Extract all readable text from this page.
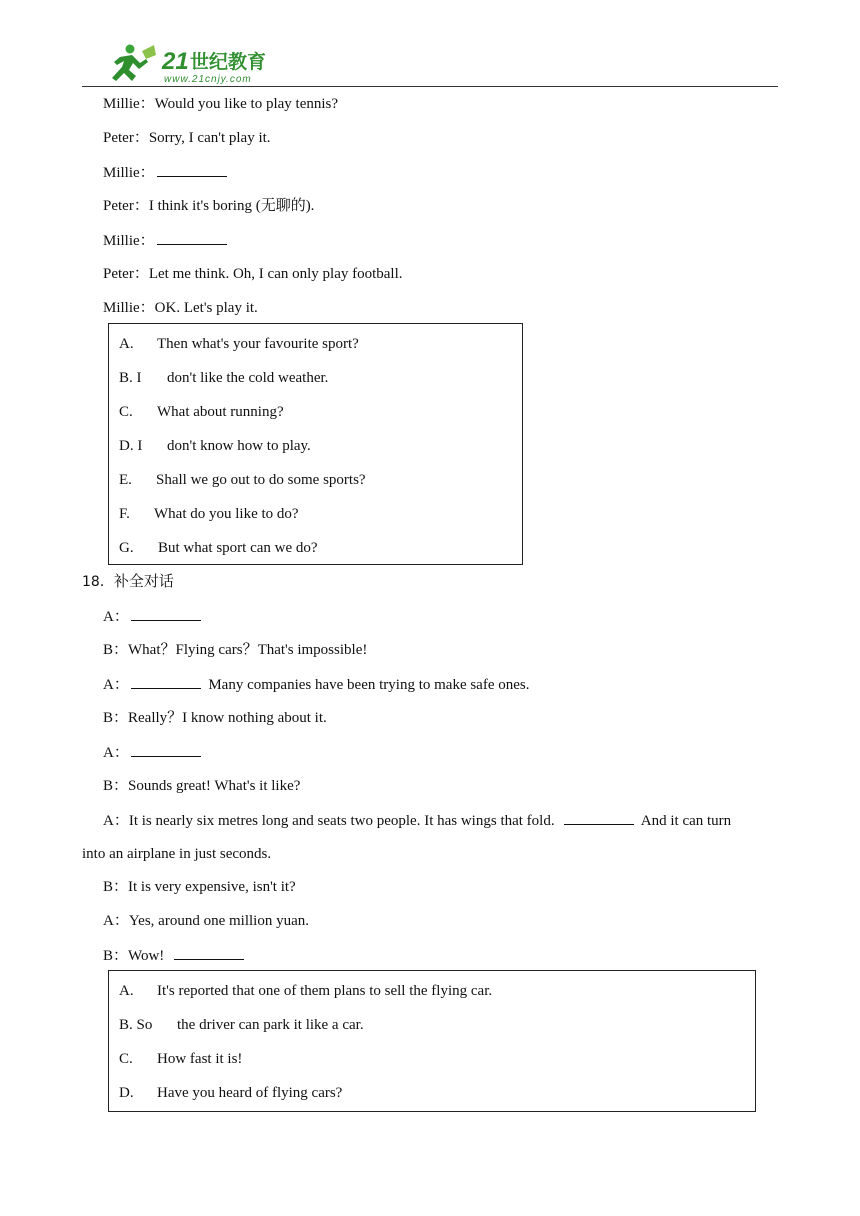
21 世纪教育
www.21cnjy.com
Millie：Would you like to play tennis?
Peter：Sorry, I can't play it.
Millie：
Peter：I think it's boring (无聊的).
Millie：
Peter：Let me think. Oh, I can only play football.
Millie：OK. Let's play it.
A. Then what's your favourite sport?
B. I don't like the cold weather.
C. What about running?
D. I don't know how to play.
E. Shall we go out to do some sports?
F. What do you like to do?
G. But what sport can we do?
18．补全对话
A：
B：What？Flying cars？That's impossible!
A：	Many companies have been trying to make safe ones.
B：Really？I know nothing about it.
A：
B：Sounds great! What's it like?
A：It is nearly six metres long and seats two people. It has wings that fold.	And it can turn
into an airplane in just seconds.
B：It is very expensive, isn't it?
A：Yes, around one million yuan.
B：Wow!
A. It's reported that one of them plans to sell the flying car.
B. So the driver can park it like a car.
C. How fast it is!
D. Have you heard of flying cars?
